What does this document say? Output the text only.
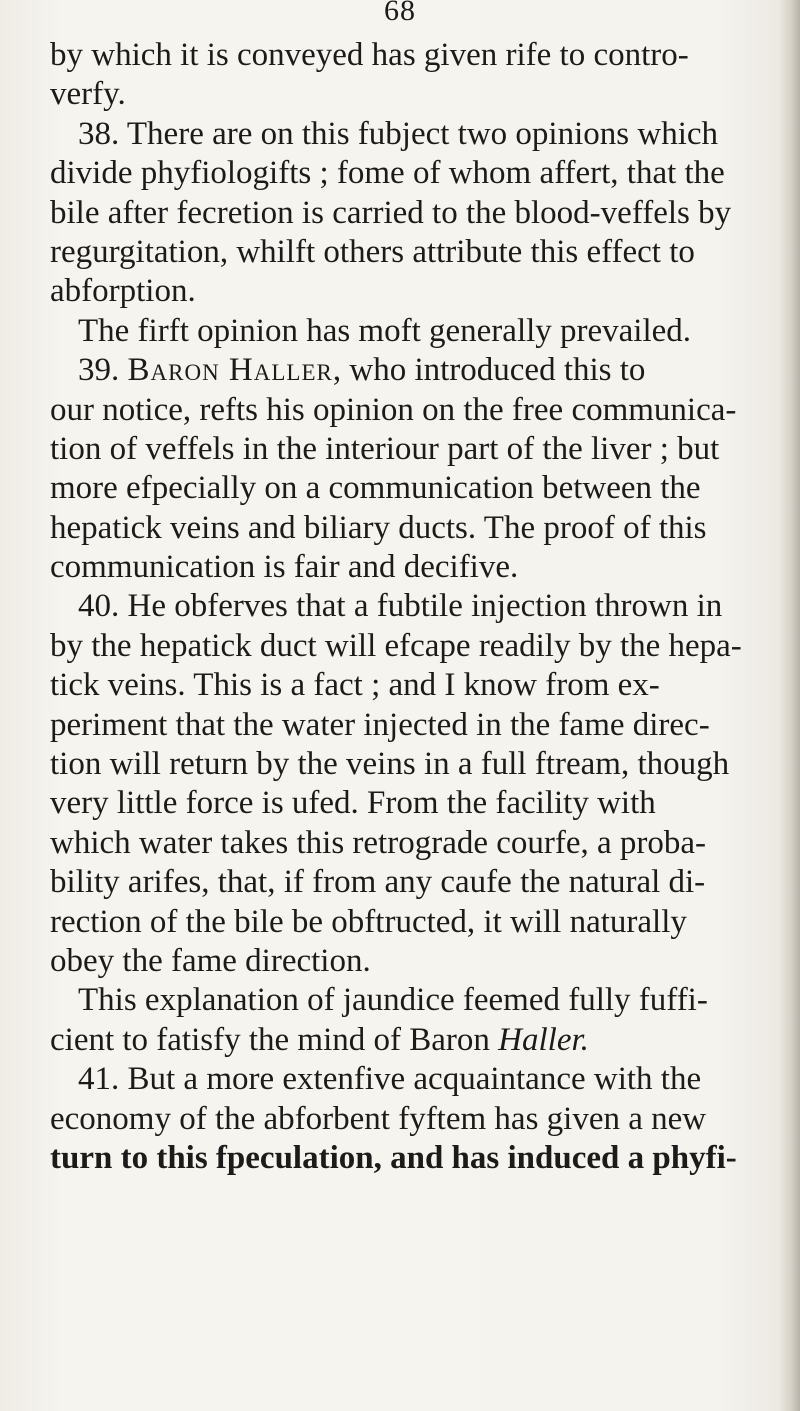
68
by which it is conveyed has given rife to contro-
verfy.
38. There are on this fubject two opinions which
divide phyfiologifts ; fome of whom affert, that the
bile after fecretion is carried to the blood-veffels by
regurgitation, whilft others attribute this effect to
abforption.
The firft opinion has moft generally prevailed.
39. Baron Haller, who introduced this to
our notice, refts his opinion on the free communica-
tion of veffels in the interiour part of the liver ; but
more efpecially on a communication between the
hepatick veins and biliary ducts. The proof of this
communication is fair and decifive.
40. He obferves that a fubtile injection thrown in
by the hepatick duct will efcape readily by the hepa-
tick veins. This is a fact ; and I know from ex-
periment that the water injected in the fame direc-
tion will return by the veins in a full ftream, though
very little force is ufed. From the facility with
which water takes this retrograde courfe, a proba-
bility arifes, that, if from any caufe the natural di-
rection of the bile be obftructed, it will naturally
obey the fame direction.
This explanation of jaundice feemed fully fuffi-
cient to fatisfy the mind of Baron Haller.
41. But a more extenfive acquaintance with the
economy of the abforbent fyftem has given a new
turn to this fpeculation, and has induced a phyfi-
